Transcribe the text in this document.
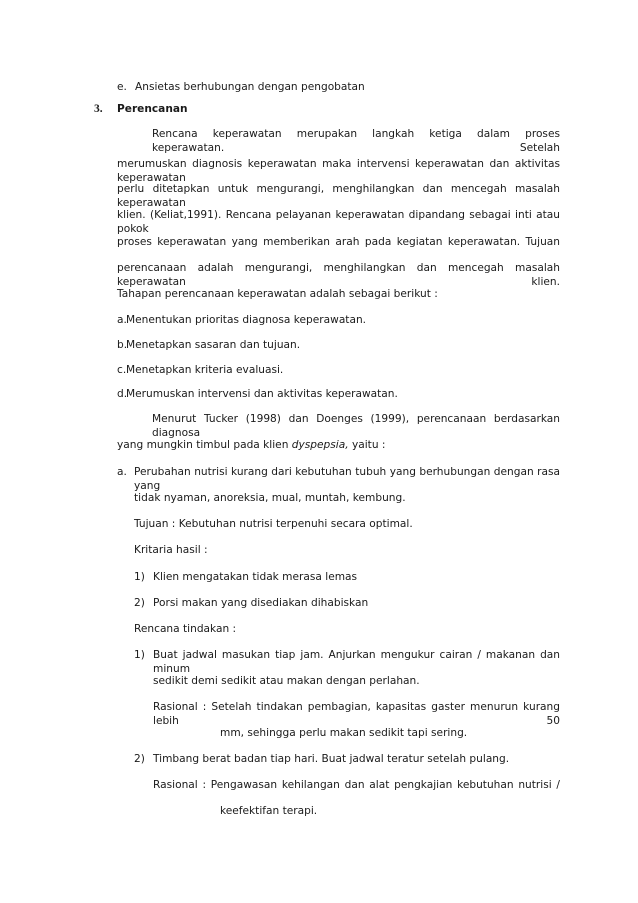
e. Ansietas berhubungan dengan pengobatan
3. Perencanan
Rencana keperawatan merupakan langkah ketiga dalam proses keperawatan. Setelah
merumuskan diagnosis keperawatan maka intervensi keperawatan dan aktivitas keperawatan
perlu ditetapkan untuk mengurangi, menghilangkan dan mencegah masalah keperawatan
klien. (Keliat,1991). Rencana pelayanan keperawatan dipandang sebagai inti atau pokok
proses keperawatan yang memberikan arah pada kegiatan keperawatan. Tujuan
perencanaan adalah mengurangi, menghilangkan dan mencegah masalah keperawatan klien.
Tahapan perencanaan keperawatan adalah sebagai berikut :
a. Menentukan prioritas diagnosa keperawatan.
b.
Menetapkan sasaran dan tujuan.
c. Menetapkan kriteria evaluasi.
d.
Merumuskan intervensi dan aktivitas keperawatan.
Menurut Tucker (1998) dan Doenges (1999), perencanaan berdasarkan diagnosa
yang mungkin timbul pada klien dyspepsia, yaitu :
a. Perubahan nutrisi kurang dari kebutuhan tubuh yang berhubungan dengan rasa yang
tidak nyaman, anoreksia, mual, muntah, kembung.
Tujuan : Kebutuhan nutrisi terpenuhi secara optimal.
Kritaria hasil :
1) Klien mengatakan tidak merasa lemas
2) Porsi makan yang disediakan dihabiskan
Rencana tindakan :
1) Buat jadwal masukan tiap jam. Anjurkan mengukur cairan / makanan dan minum
sedikit demi sedikit atau makan dengan perlahan.
Rasional : Setelah tindakan pembagian, kapasitas gaster menurun kurang lebih 50
mm, sehingga perlu makan sedikit tapi sering.
2) Timbang berat badan tiap hari. Buat jadwal teratur setelah pulang.
Rasional : Pengawasan kehilangan dan alat pengkajian kebutuhan nutrisi /
keefektifan terapi.
